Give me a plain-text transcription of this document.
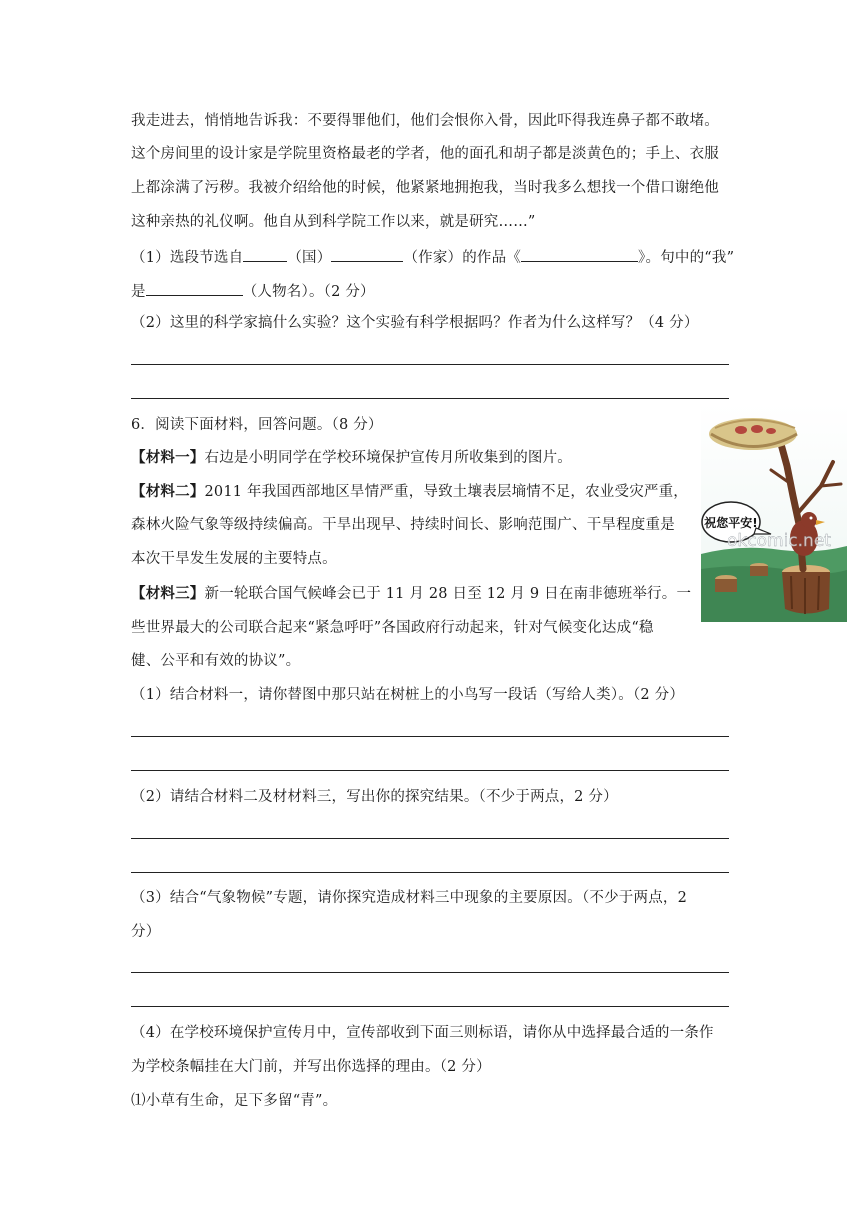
我走进去，悄悄地告诉我：不要得罪他们，他们会恨你入骨，因此吓得我连鼻子都不敢堵。
这个房间里的设计家是学院里资格最老的学者，他的面孔和胡子都是淡黄色的；手上、衣服
上都涂满了污秽。我被介绍给他的时候，他紧紧地拥抱我，当时我多么想找一个借口谢绝他
这种亲热的礼仪啊。他自从到科学院工作以来，就是研究……”
（1）选段节选自	（国）	（作家）的作品《	》。句中的“我”
是	（人物名）。（2 分）
（2）这里的科学家搞什么实验？这个实验有科学根据吗？作者为什么这样写？（4 分）
6．阅读下面材料，回答问题。（8 分）
【材料一】右边是小明同学在学校环境保护宣传月所收集到的图片。
【材料二】2011 年我国西部地区旱情严重，导致土壤表层墒情不足，农业受灾严重，
森林火险气象等级持续偏高。干旱出现早、持续时间长、影响范围广、干旱程度重是
本次干旱发生发展的主要特点。
【材料三】新一轮联合国气候峰会已于 11 月 28 日至 12 月 9 日在南非德班举行。一
些世界最大的公司联合起来“紧急呼吁”各国政府行动起来，针对气候变化达成“稳
健、公平和有效的协议”。
（1）结合材料一，请你替图中那只站在树桩上的小鸟写一段话（写给人类）。（2 分）
（2）请结合材料二及材材料三，写出你的探究结果。（不少于两点，2 分）
（3）结合“气象物候”专题，请你探究造成材料三中现象的主要原因。（不少于两点，2
分）
（4）在学校环境保护宣传月中，宣传部收到下面三则标语，请你从中选择最合适的一条作
为学校条幅挂在大门前，并写出你选择的理由。（2 分）
⑴小草有生命，足下多留“青”。
祝您平安!
okcomic.net
